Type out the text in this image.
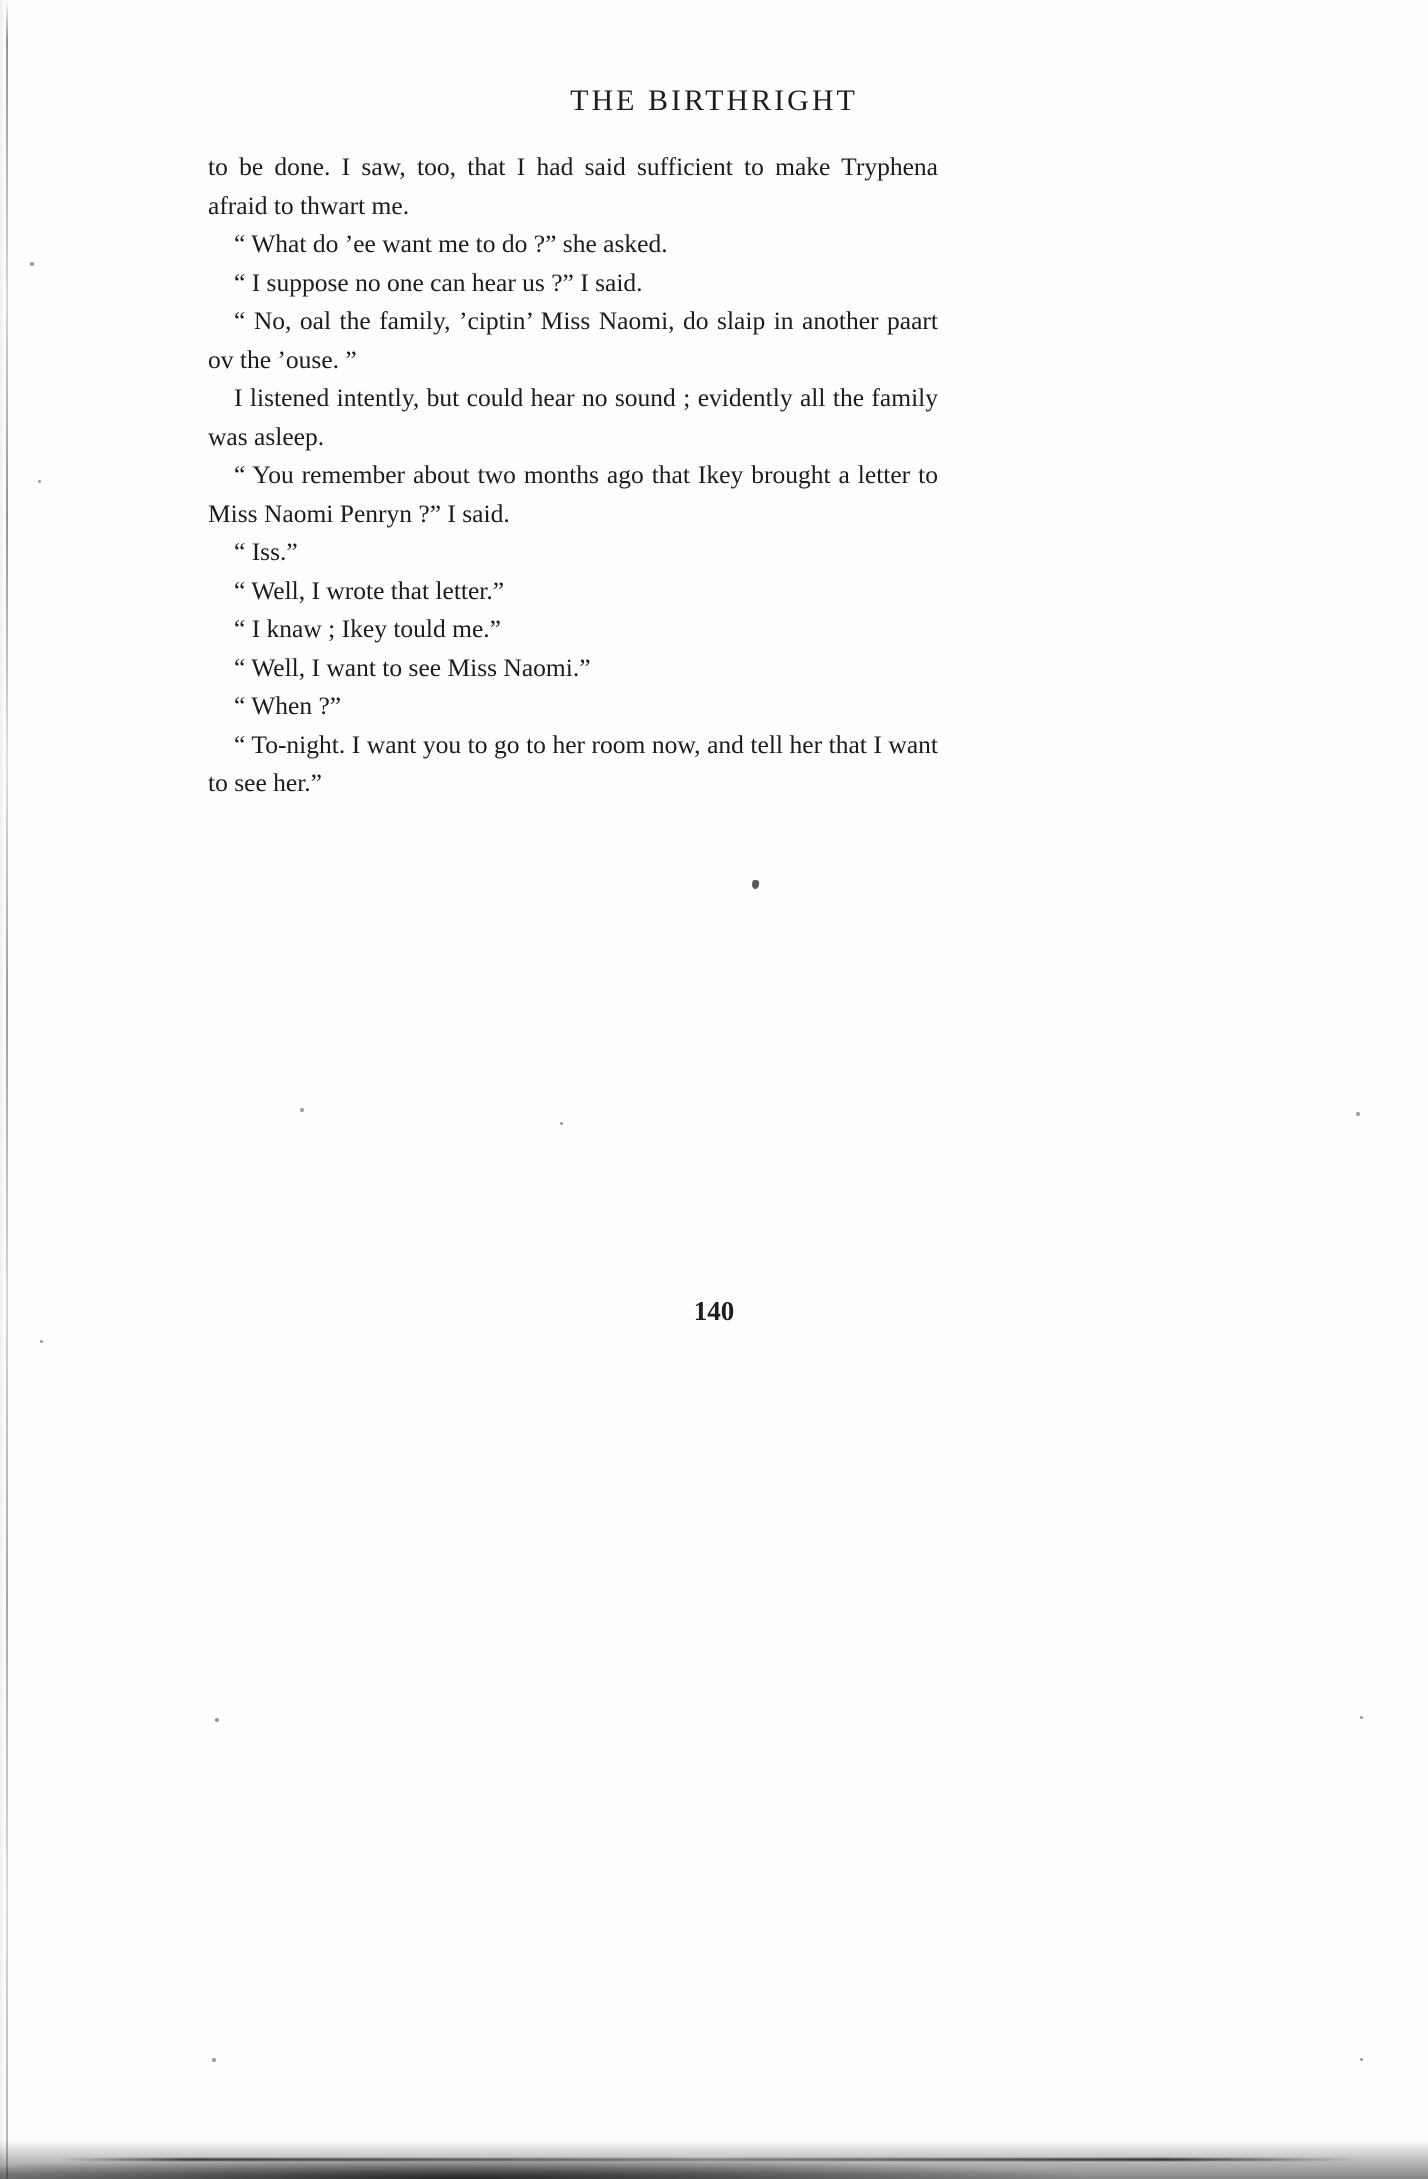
THE BIRTHRIGHT

to be done. I saw, too, that I had said sufficient to make Tryphena afraid to thwart me.

“ What do ’ee want me to do ?” she asked.

“ I suppose no one can hear us ?” I said.

“ No, oal the family, ’ciptin’ Miss Naomi, do slaip in another paart ov the ’ouse. ”

I listened intently, but could hear no sound ; evidently all the family was asleep.

“ You remember about two months ago that Ikey brought a letter to Miss Naomi Penryn ?” I said.

“ Iss.”

“ Well, I wrote that letter.”

“ I knaw ; Ikey tould me.”

“ Well, I want to see Miss Naomi.”

“ When ?”

“ To-night. I want you to go to her room now, and tell her that I want to see her.”

140
